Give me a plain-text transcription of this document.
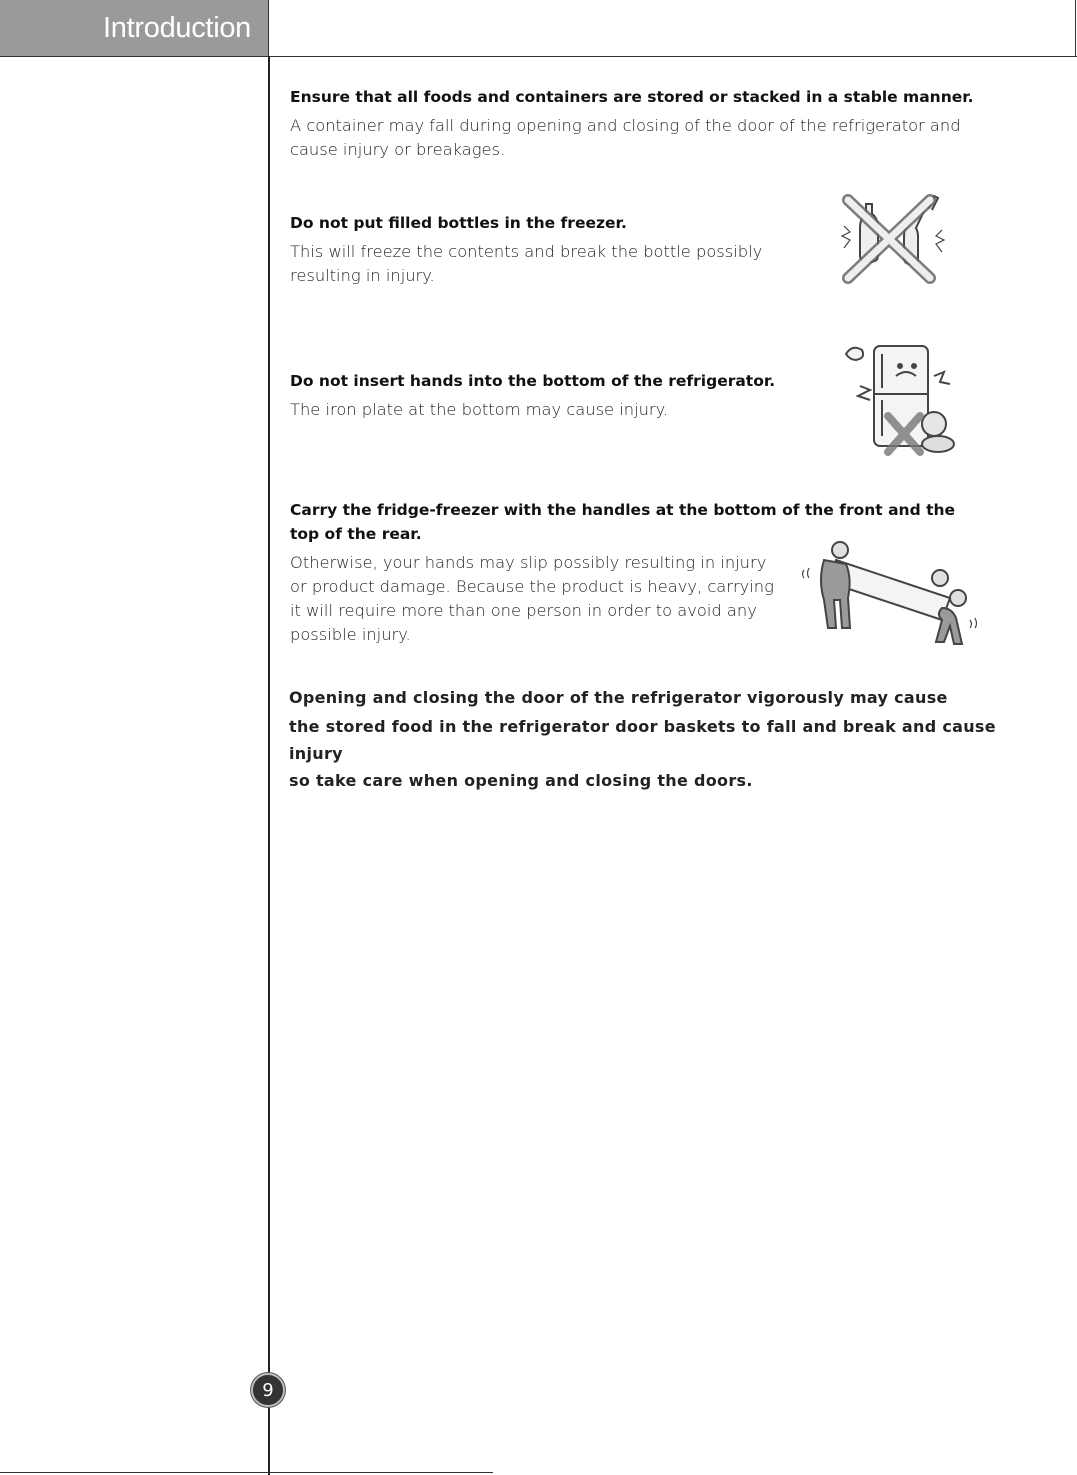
Introduction
Ensure that all foods and containers are stored or stacked in a stable manner.
A container may fall during opening and closing of the door of the refrigerator and cause injury or breakages.
Do not put filled bottles in the freezer.
This will freeze the contents and break the bottle possibly resulting in injury.
Do not insert hands into the bottom of the refrigerator.
The iron plate at the bottom may cause injury.
Carry the fridge-freezer with the handles at the bottom of the front and the top of the rear.
Otherwise, your hands may slip possibly resulting in injury or product damage. Because the product is heavy, carrying it will require more than one person in order to avoid any possible injury.
Opening and closing the door of the refrigerator vigorously may cause
the stored food in the refrigerator door baskets to fall and break and cause injury
so take care when opening and closing the doors.
9
